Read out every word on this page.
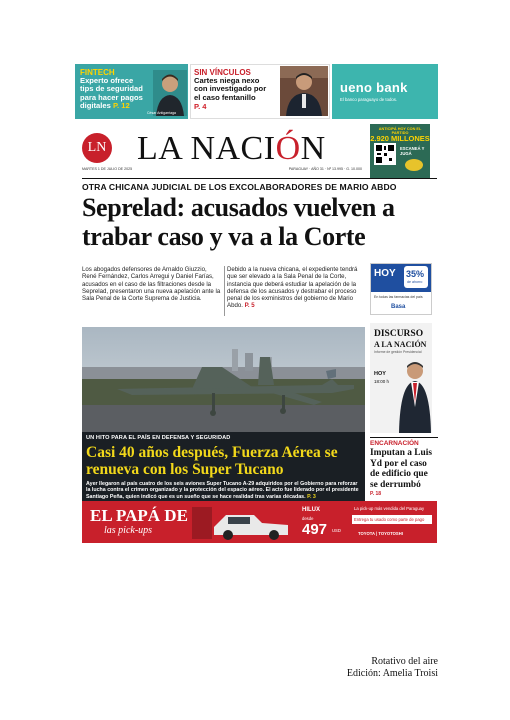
FINTECH
Experto ofrece
tips de seguridad
para hacer pagos
digitales P. 12
César Antigarriaga
SIN VÍNCULOS
Cartes niega nexo
con investigado por
el caso fentanillo
P. 4
ueno bank
El banco paraguayo de todos.
LN LA NACIÓN
MARTES 1 DE JULIO DE 2025	PARAGUAY · AÑO 31 · Nº 13.995 · G. 10.000
ANTICIPÁ HOY CON EL PARTIDO
2.920 MILLONES
ESCANEÁ Y JUGÁ
OTRA CHICANA JUDICIAL DE LOS EXCOLABORADORES DE MARIO ABDO
Seprelad: acusados vuelven a trabar caso y va a la Corte
Los abogados defensores de Arnaldo Giuzzio, René Fernández, Carlos Arregui y Daniel Farías, acusados en el caso de las filtraciones desde la Seprelad, presentaron una nueva apelación ante la Sala Penal de la Corte Suprema de Justicia.
Debido a la nueva chicana, el expediente tendrá que ser elevado a la Sala Penal de la Corte, instancia que deberá estudiar la apelación de la defensa de los acusados y destrabar el proceso penal de los exministros del gobierno de Mario Abdo. P. 5
HOY 35%
de ahorro
En todas las farmacias del país
Basa
DISCURSO
A LA NACIÓN
Informe de gestión Presidencial
HOY
18:00 h
UN HITO PARA EL PAÍS EN DEFENSA Y SEGURIDAD
Casi 40 años después, Fuerza Aérea se renueva con los Super Tucano
Ayer llegaron al país cuatro de los seis aviones Super Tucano A-29 adquiridos por el Gobierno para reforzar la lucha contra el crimen organizado y la protección del espacio aéreo. El acto fue liderado por el presidente Santiago Peña, quien indicó que es un sueño que se hace realidad tras varias décadas. P. 3
ENCARNACIÓN
Imputan a Luis Yd por el caso de edificio que se derrumbó
P. 18
EL PAPÁ DE
las pick-ups
HILUX
desde
497 USD
La pick-up más vendida del Paraguay
Entrega tu usado como parte de pago
TOYOTA | TOYOTOSHI
Rotativo del aire
Edición: Amelia Troisi
